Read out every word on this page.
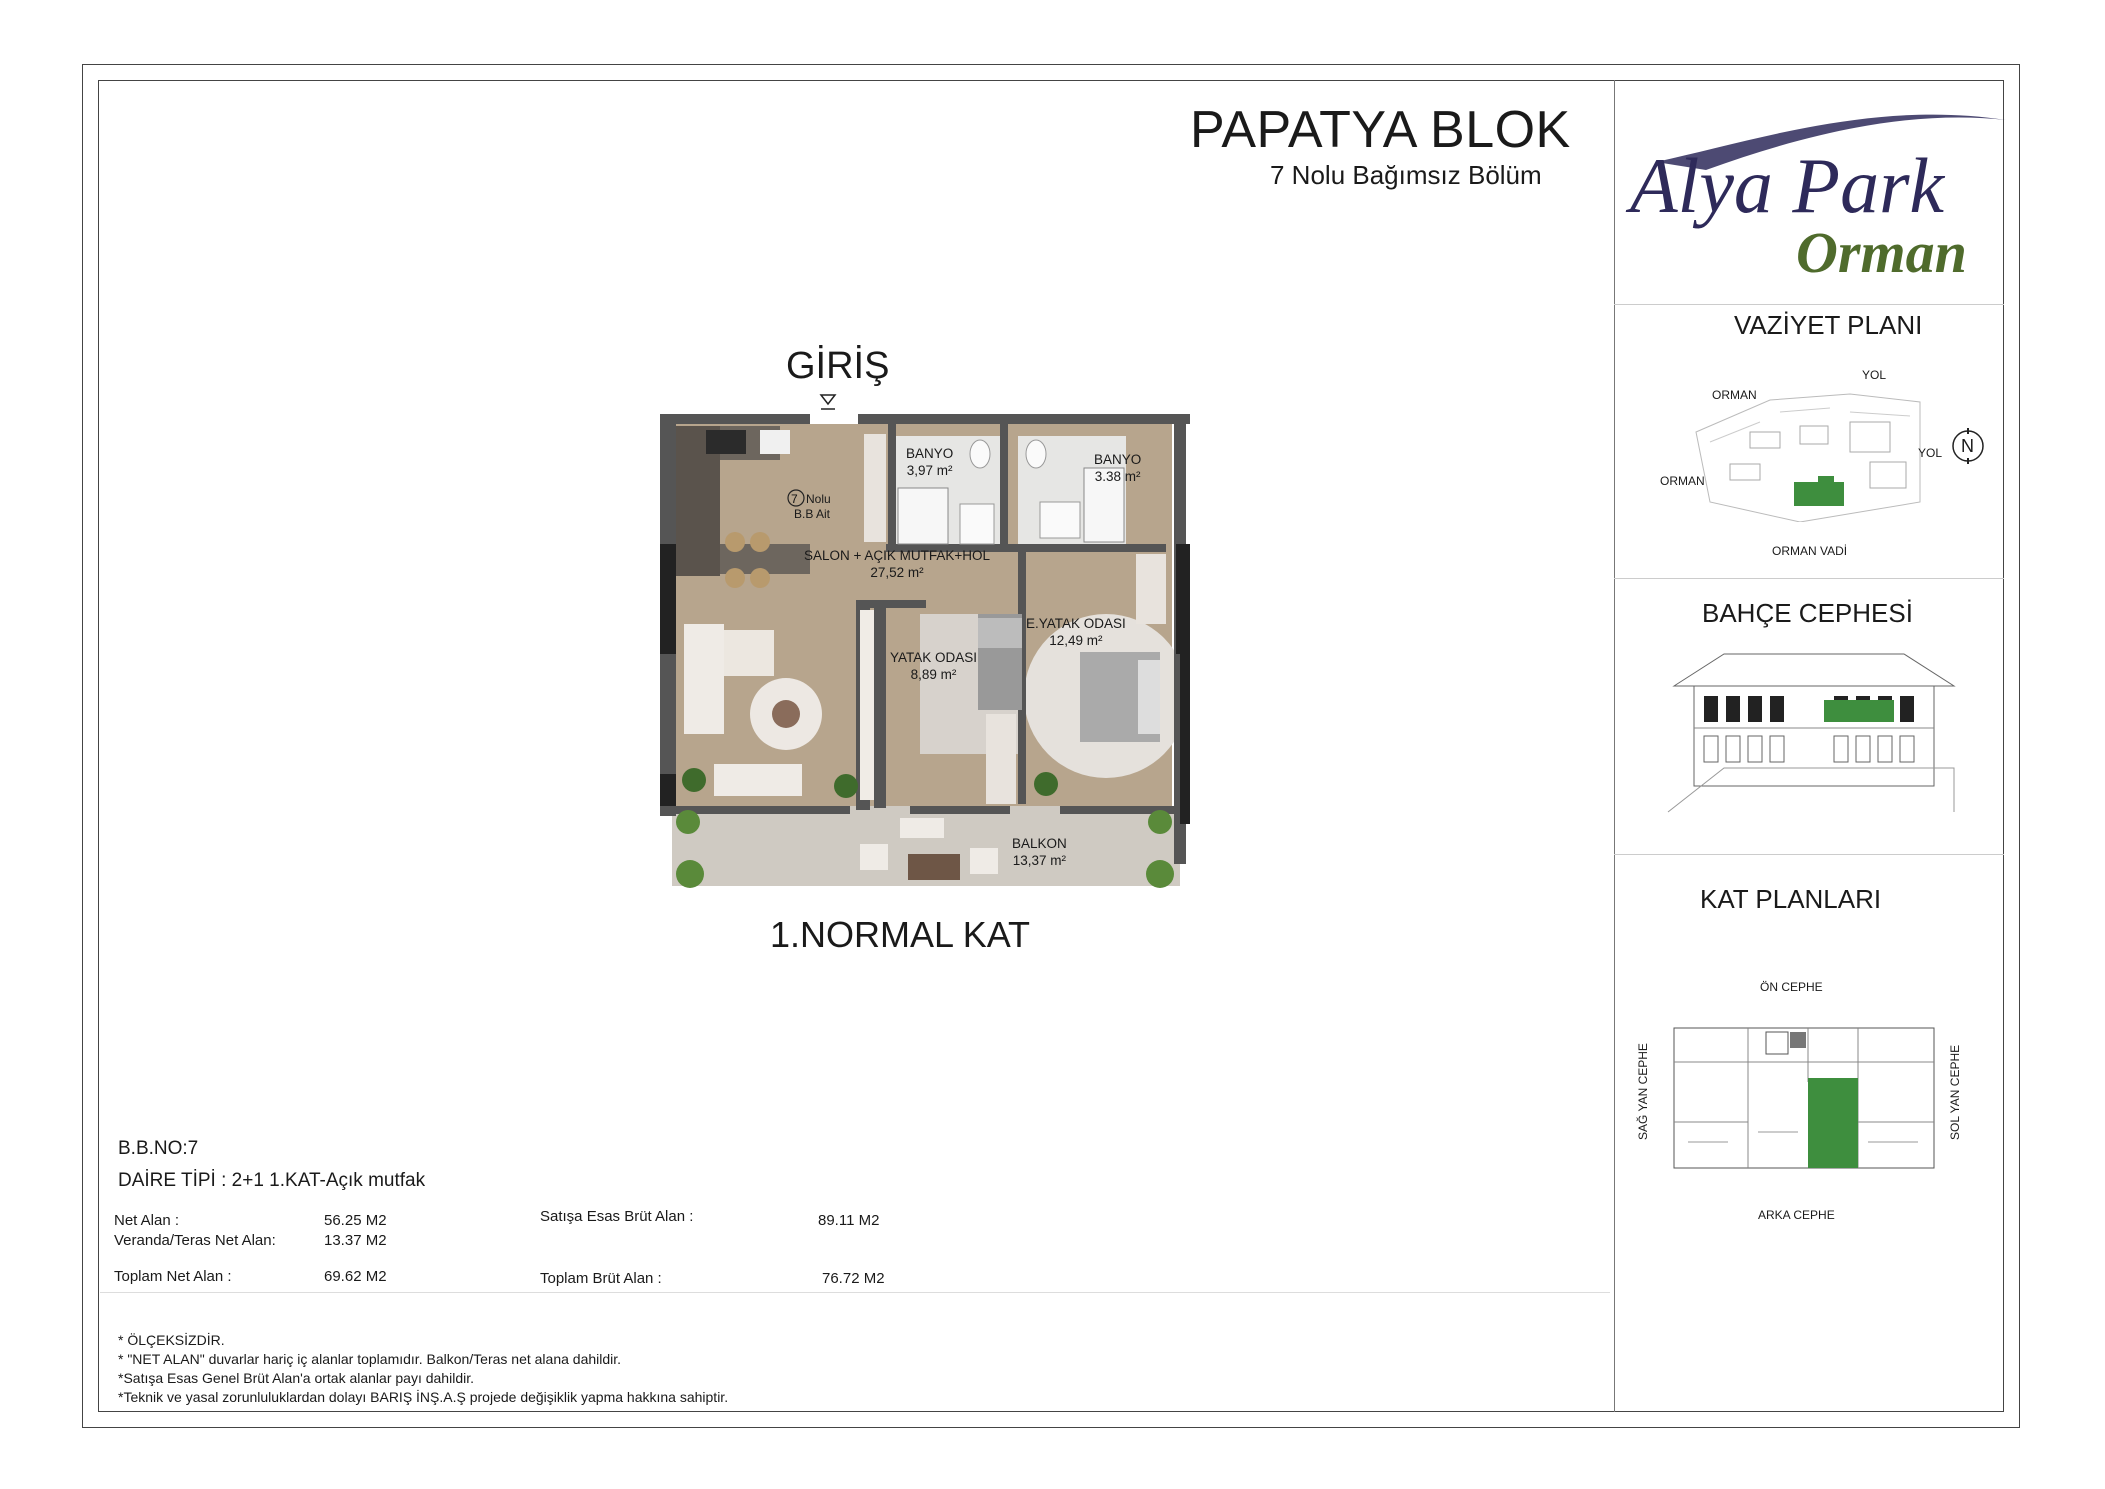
PAPATYA BLOK
7 Nolu Bağımsız Bölüm Alya Park
Orman
GİRİŞ
7 Nolu
B.B Ait
BANYO
3,97 m²
BANYO
3.38 m²
SALON + AÇIK MUTFAK+HOL
27,52 m²
E.YATAK ODASI
12,49 m²
YATAK ODASI
8,89 m²
BALKON
13,37 m²
1.NORMAL KAT
VAZİYET PLANI
YOL
ORMAN
YOL N
ORMAN
ORMAN VADİ
BAHÇE CEPHESİ
KAT PLANLARI
ÖN CEPHE
SAĞ YAN CEPHE	SOL YAN CEPHE
ARKA CEPHE
B.B.NO:7
DAİRE TİPİ : 2+1 1.KAT-Açık mutfak
Net Alan :	56.25 M2
Veranda/Teras Net Alan:	13.37 M2
Toplam Net Alan :	69.62 M2
Satışa Esas Brüt Alan :	89.11 M2
Toplam Brüt Alan :	76.72 M2
* ÖLÇEKSİZDİR.
* "NET ALAN" duvarlar hariç iç alanlar toplamıdır. Balkon/Teras net alana dahildir.
*Satışa Esas Genel Brüt Alan'a ortak alanlar payı dahildir.
*Teknik ve yasal zorunluluklardan dolayı BARIŞ İNŞ.A.Ş projede değişiklik yapma hakkına sahiptir.
